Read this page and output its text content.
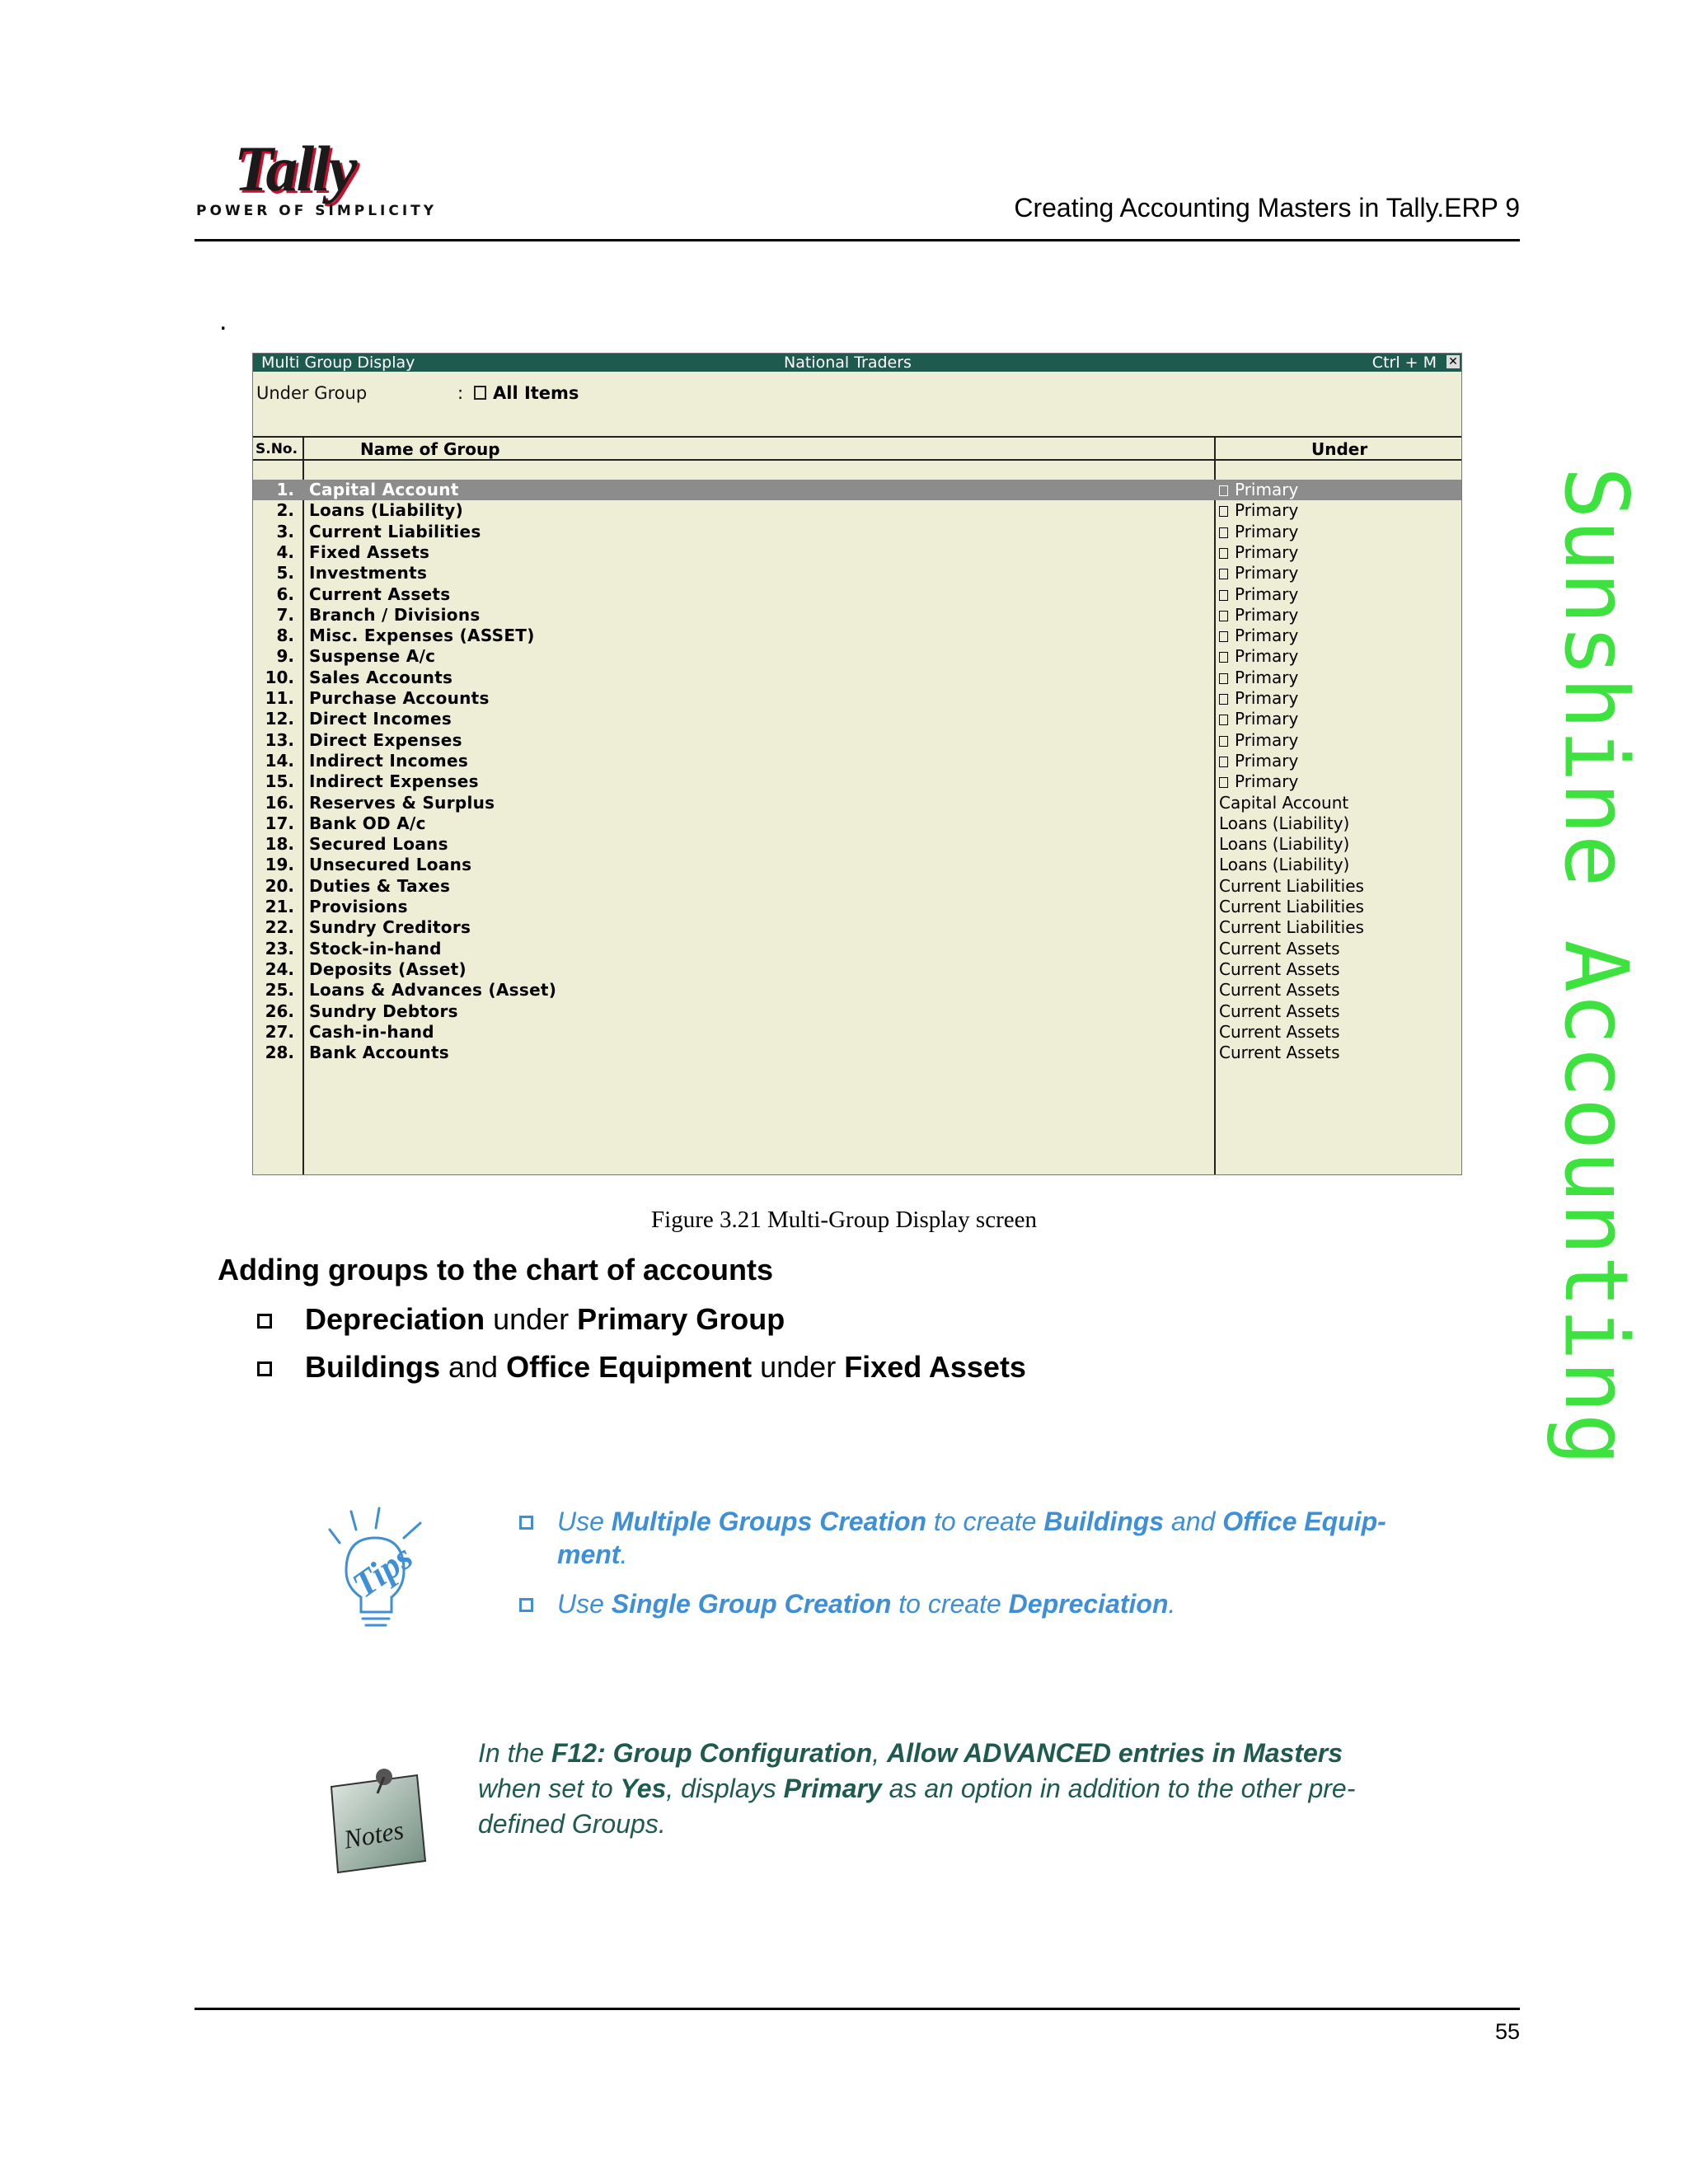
Tally
POWER OF SIMPLICITY	Creating Accounting Masters in Tally.ERP 9
.
Multi Group Display	National Traders	Ctrl + M ✕
Under Group	:	All Items
S.No.	Name of Group	Under
1. Capital Account	Primary
2. Loans (Liability)	Primary
3. Current Liabilities	Primary
4. Fixed Assets	Primary
5. Investments	Primary
6. Current Assets	Primary
7. Branch / Divisions	Primary
8. Misc. Expenses (ASSET)	Primary
9. Suspense A/c	Primary
10. Sales Accounts	Primary
11. Purchase Accounts	Primary
12. Direct Incomes	Primary
13. Direct Expenses	Primary
14. Indirect Incomes	Primary
15. Indirect Expenses	Primary
16. Reserves & Surplus	Capital Account
17. Bank OD A/c	Loans (Liability)
18. Secured Loans	Loans (Liability)
19. Unsecured Loans	Loans (Liability)
20. Duties & Taxes	Current Liabilities
21. Provisions	Current Liabilities
22. Sundry Creditors	Current Liabilities
23. Stock-in-hand	Current Assets
24. Deposits (Asset)	Current Assets
25. Loans & Advances (Asset)	Current Assets
26. Sundry Debtors	Current Assets
27. Cash-in-hand	Current Assets
28. Bank Accounts	Current Assets
Figure 3.21 Multi-Group Display screen
Adding groups to the chart of accounts
Depreciation under Primary Group
Buildings and Office Equipment under Fixed Assets
Tips
Use Multiple Groups Creation to create Buildings and Office Equip-ment.
Use Single Group Creation to create Depreciation.
Notes
In the F12: Group Configuration, Allow ADVANCED entries in Masters when set to Yes, displays Primary as an option in addition to the other pre-defined Groups.
55
Sunshine Accounting
